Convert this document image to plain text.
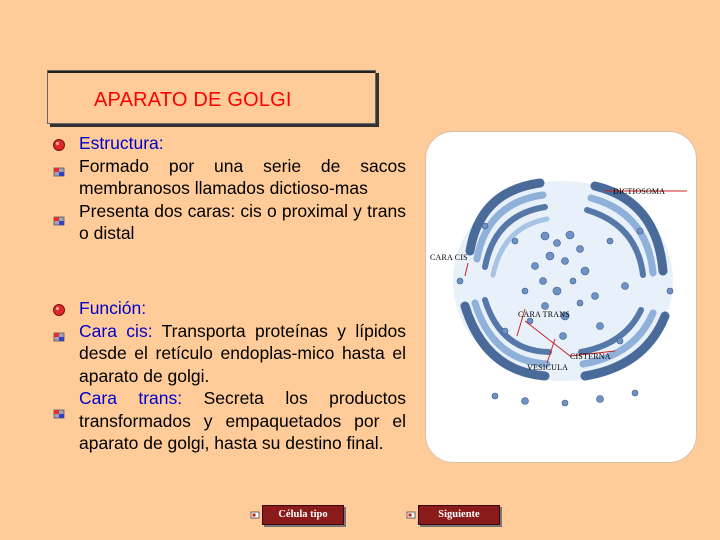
APARATO DE GOLGI

Estructura:

Formado por una serie de sacos membranosos llamados dictioso-mas

Presenta dos caras: cis o proximal y trans o distal

Función:

Cara cis: Transporta proteínas y lípidos desde el retículo endoplas-mico hasta el aparato de golgi.

Cara trans: Secreta los productos transformados y empaquetados por el aparato de golgi, hasta su destino final.

DICTIOSOMA
CARA CIS
CARA TRANS
CISTERNA
VESICULA
Célula tipo	Siguiente
